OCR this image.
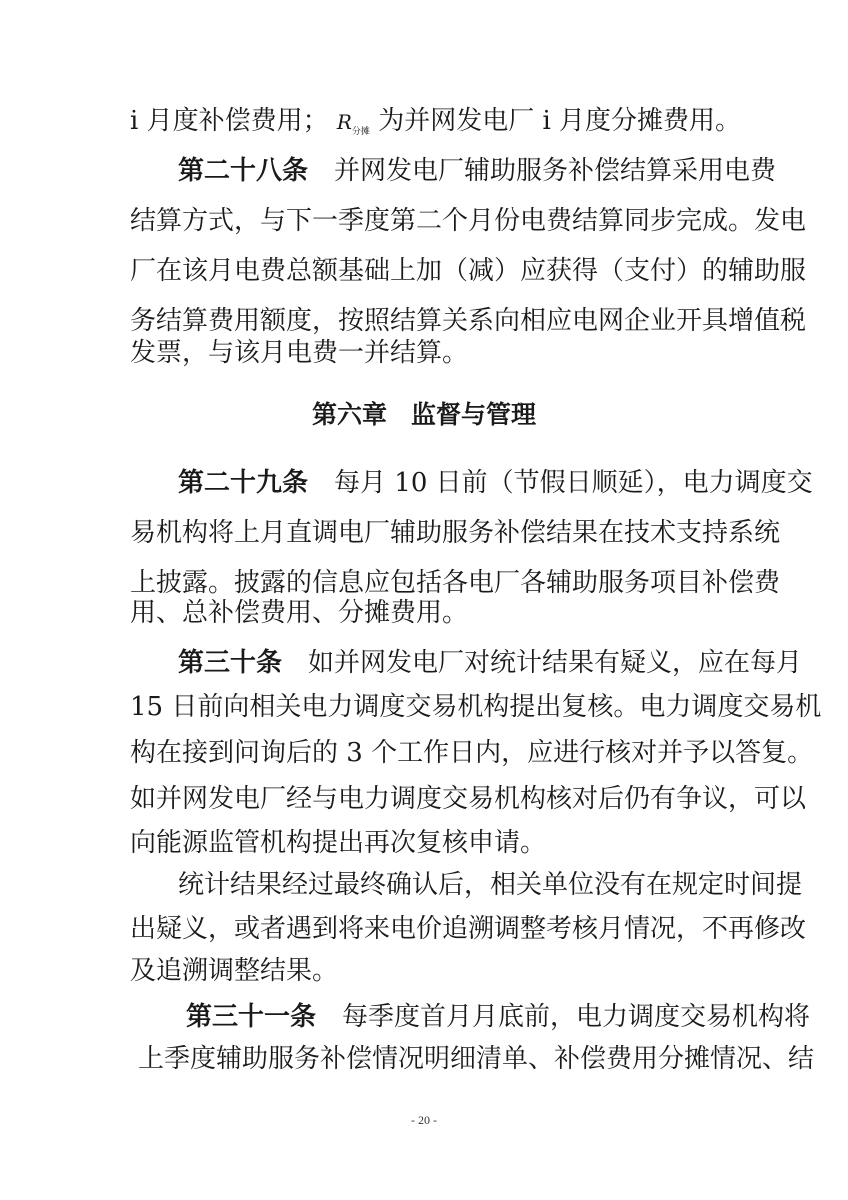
i 月度补偿费用； $R_{分摊}$ 为并网发电厂 i 月度分摊费用。
第二十八条 并网发电厂辅助服务补偿结算采用电费
结算方式，与下一季度第二个月份电费结算同步完成。发电
厂在该月电费总额基础上加（减）应获得（支付）的辅助服
务结算费用额度，按照结算关系向相应电网企业开具增值税
发票，与该月电费一并结算。
第六章 监督与管理
第二十九条 每月 10 日前（节假日顺延），电力调度交
易机构将上月直调电厂辅助服务补偿结果在技术支持系统
上披露。披露的信息应包括各电厂各辅助服务项目补偿费
用、总补偿费用、分摊费用。
第三十条 如并网发电厂对统计结果有疑义，应在每月
15 日前向相关电力调度交易机构提出复核。电力调度交易机
构在接到问询后的 3 个工作日内，应进行核对并予以答复。
如并网发电厂经与电力调度交易机构核对后仍有争议，可以
向能源监管机构提出再次复核申请。
统计结果经过最终确认后，相关单位没有在规定时间提
出疑义，或者遇到将来电价追溯调整考核月情况，不再修改
及追溯调整结果。
第三十一条 每季度首月月底前，电力调度交易机构将
上季度辅助服务补偿情况明细清单、补偿费用分摊情况、结
- 20 -
